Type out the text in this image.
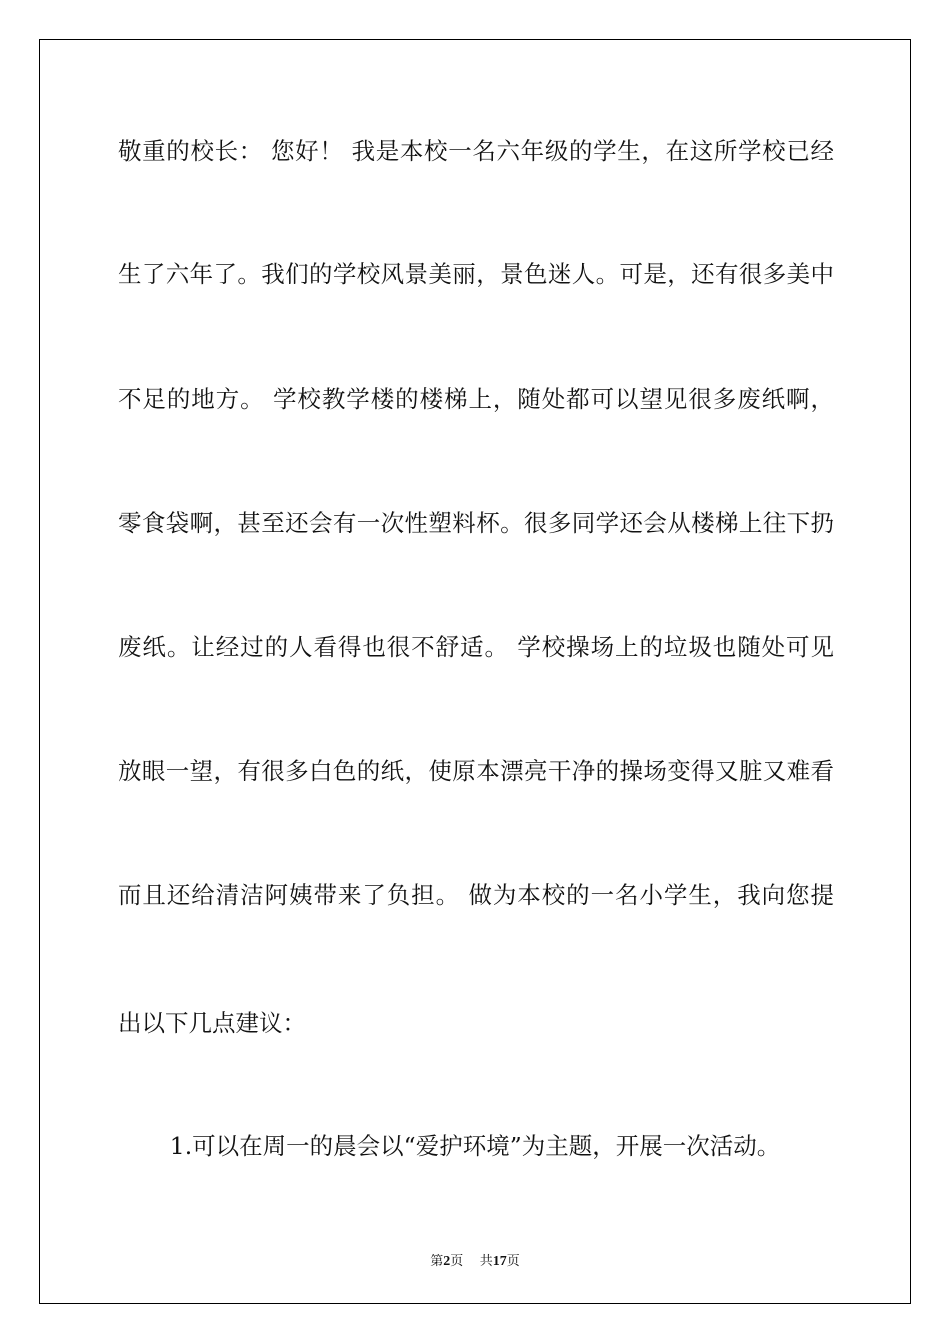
敬重的校长： 您好！ 我是本校一名六年级的学生，在这所学校已经
生了六年了。我们的学校风景美丽，景色迷人。可是，还有很多美中
不足的地方。 学校教学楼的楼梯上，随处都可以望见很多废纸啊，
零食袋啊，甚至还会有一次性塑料杯。很多同学还会从楼梯上往下扔
废纸。让经过的人看得也很不舒适。 学校操场上的垃圾也随处可见
放眼一望，有很多白色的纸，使原本漂亮干净的操场变得又脏又难看
而且还给清洁阿姨带来了负担。 做为本校的一名小学生，我向您提
出以下几点建议：
1.可以在周一的晨会以“爱护环境”为主题，开展一次活动。
第2页 共17页
